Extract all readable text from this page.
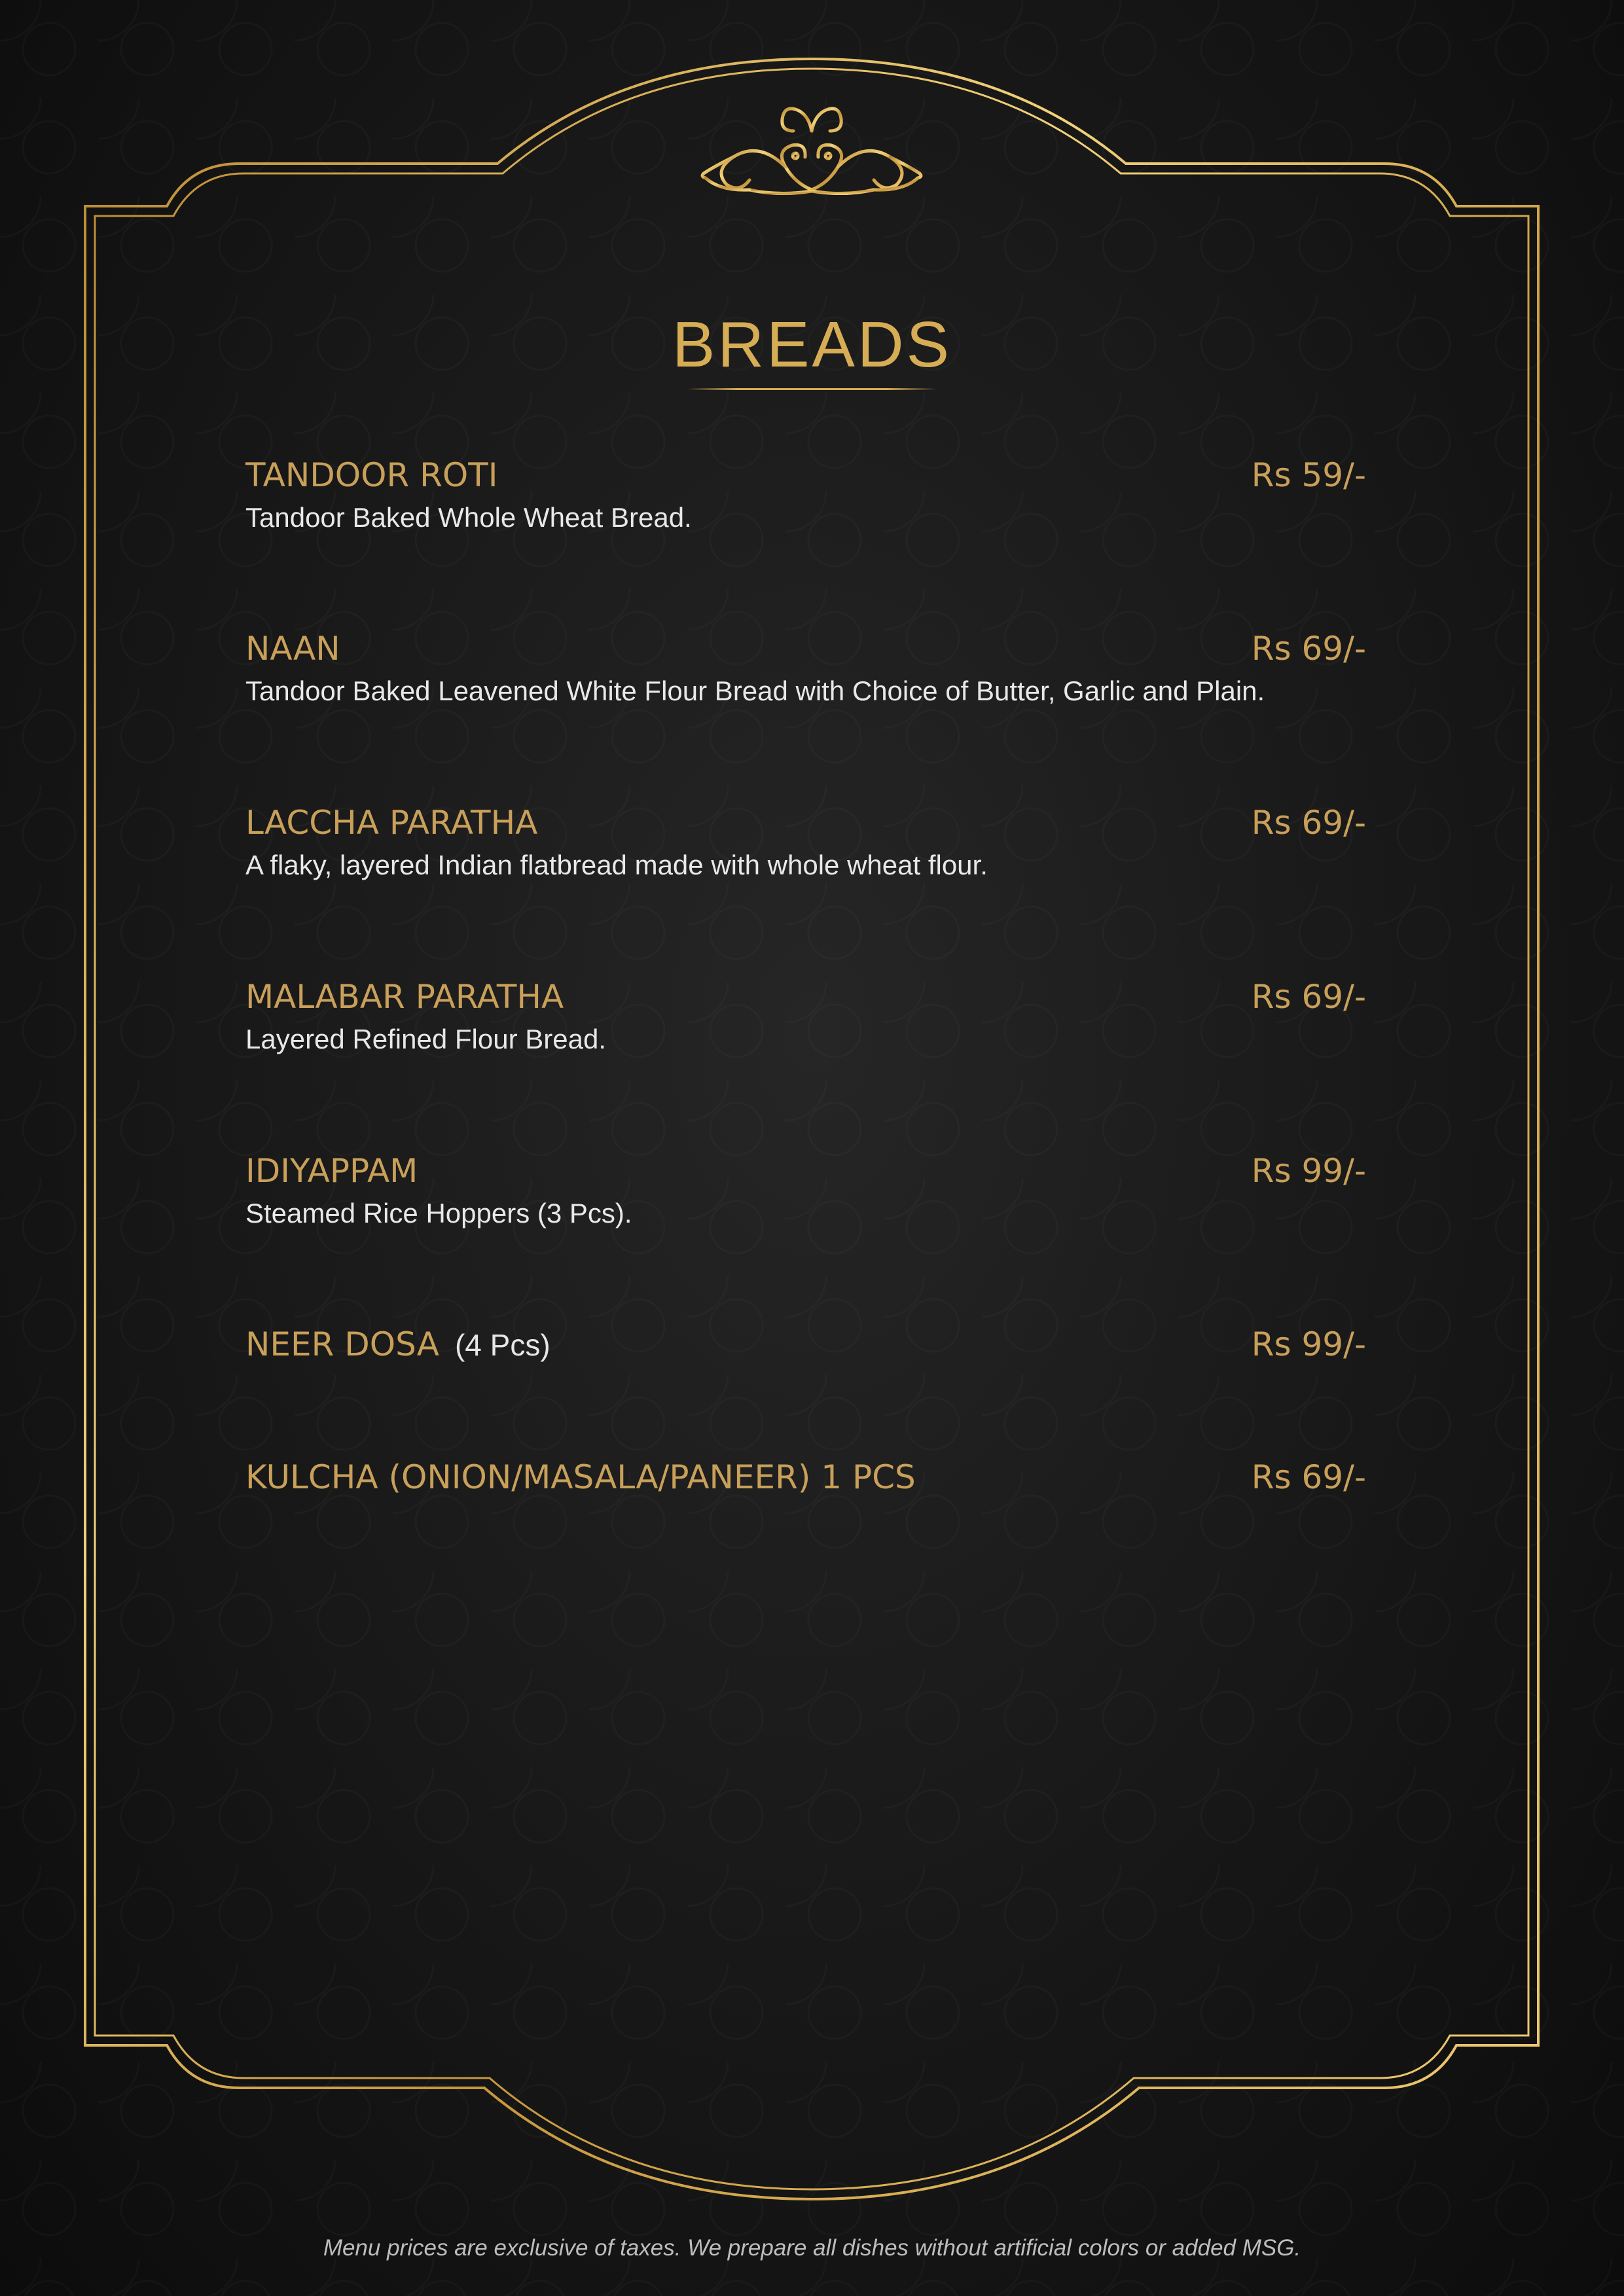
BREADS
TANDOOR ROTI	Rs 59/-
Tandoor Baked Whole Wheat Bread.
NAAN	Rs 69/-
Tandoor Baked Leavened White Flour Bread with Choice of Butter, Garlic and Plain.
LACCHA PARATHA	Rs 69/-
A flaky, layered Indian flatbread made with whole wheat flour.
MALABAR PARATHA	Rs 69/-
Layered Refined Flour Bread.
IDIYAPPAM	Rs 99/-
Steamed Rice Hoppers (3 Pcs).
NEER DOSA (4 Pcs)	Rs 99/-
KULCHA (ONION/MASALA/PANEER) 1 PCS	Rs 69/-
Menu prices are exclusive of taxes. We prepare all dishes without artificial colors or added MSG.
